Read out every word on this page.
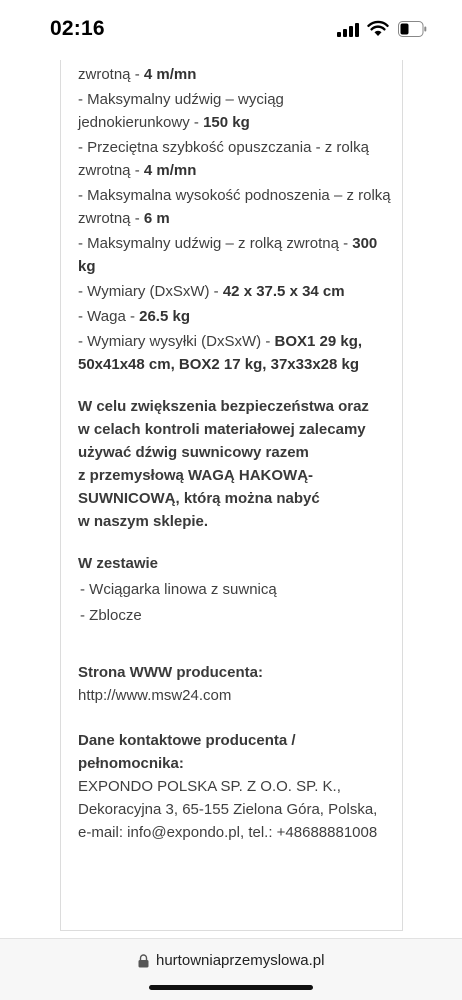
zwrotną - 4 m/mn
- Maksymalny udźwig – wyciąg jednokierunkowy - 150 kg
- Przeciętna szybkość opuszczania - z rolką zwrotną - 4 m/mn
- Maksymalna wysokość podnoszenia – z rolką zwrotną - 6 m
- Maksymalny udźwig – z rolką zwrotną - 300 kg
- Wymiary (DxSxW) - 42 x 37.5 x 34 cm
- Waga - 26.5 kg
- Wymiary wysyłki (DxSxW) - BOX1 29 kg, 50x41x48 cm, BOX2 17 kg, 37x33x28 kg
W celu zwiększenia bezpieczeństwa oraz
w celach kontroli materiałowej zalecamy
używać dźwig suwnicowy razem
z przemysłową WAGĄ HAKOWĄ-
SUWNICOWĄ, którą można nabyć
w naszym sklepie.
W zestawie
- Wciągarka linowa z suwnicą
- Zblocze
Strona WWW producenta:
http://www.msw24.com
Dane kontaktowe producenta / pełnomocnika:
EXPONDO POLSKA SP. Z O.O. SP. K.,
Dekoracyjna 3, 65-155 Zielona Góra, Polska,
e-mail: info@expondo.pl, tel.: +48688881008
02:16
hurtowniaprzemyslowa.pl
